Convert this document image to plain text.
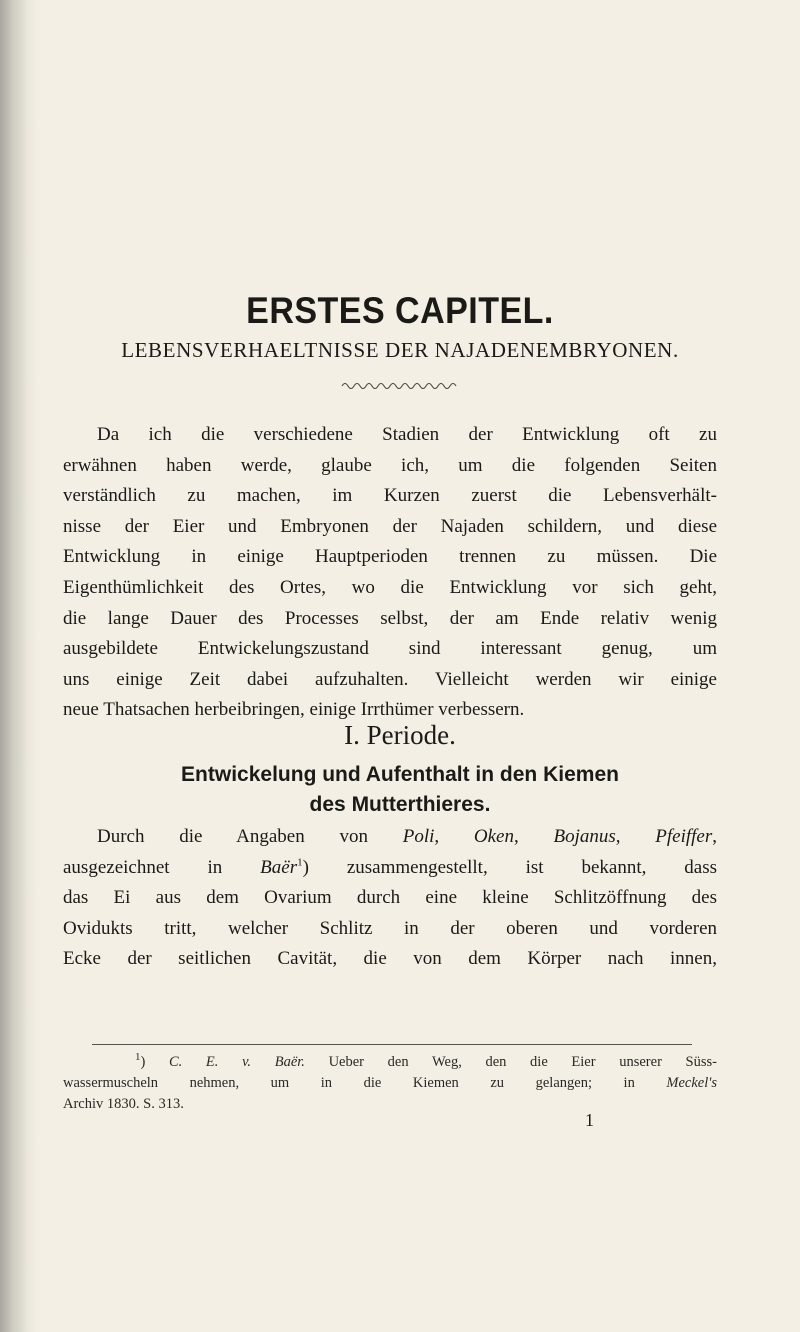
ERSTES CAPITEL.
LEBENSVERHAELTNISSE DER NAJADENEMBRYONEN.
Da ich die verschiedene Stadien der Entwicklung oft zu
erwähnen haben werde, glaube ich, um die folgenden Seiten
verständlich zu machen, im Kurzen zuerst die Lebensverhält-
nisse der Eier und Embryonen der Najaden schildern, und diese
Entwicklung in einige Hauptperioden trennen zu müssen. Die
Eigenthümlichkeit des Ortes, wo die Entwicklung vor sich geht,
die lange Dauer des Processes selbst, der am Ende relativ wenig
ausgebildete Entwickelungszustand sind interessant genug, um
uns einige Zeit dabei aufzuhalten. Vielleicht werden wir einige
neue Thatsachen herbeibringen, einige Irrthümer verbessern.
I. Periode.
Entwickelung und Aufenthalt in den Kiemen
des Mutterthieres.
Durch die Angaben von Poli, Oken, Bojanus, Pfeiffer,
ausgezeichnet in Baër$^1$) zusammengestellt, ist bekannt, dass
das Ei aus dem Ovarium durch eine kleine Schlitzöffnung des
Ovidukts tritt, welcher Schlitz in der oberen und vorderen
Ecke der seitlichen Cavität, die von dem Körper nach innen,
$^1$) C. E. v. Baër. Ueber den Weg, den die Eier unserer Süss-
wassermuscheln nehmen, um in die Kiemen zu gelangen; in Meckel's
Archiv 1830. S. 313.
1
